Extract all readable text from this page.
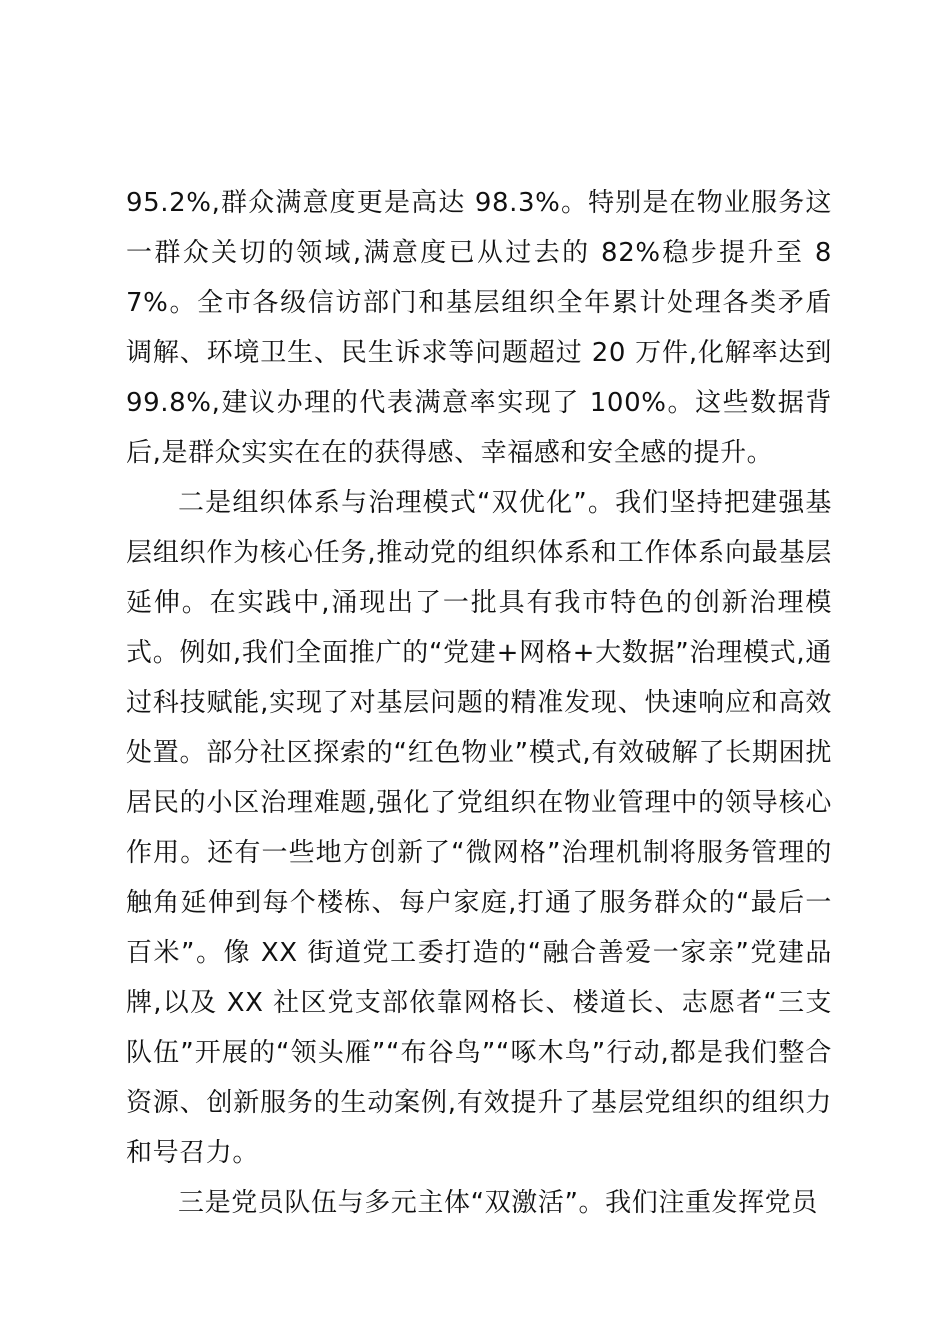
95.2%,群众满意度更是高达 98.3%。特别是在物业服务这一群众关切的领域,满意度已从过去的 82%稳步提升至 87%。全市各级信访部门和基层组织全年累计处理各类矛盾调解、环境卫生、民生诉求等问题超过 20 万件,化解率达到 99.8%,建议办理的代表满意率实现了 100%。这些数据背后,是群众实实在在的获得感、幸福感和安全感的提升。

二是组织体系与治理模式“双优化”。我们坚持把建强基层组织作为核心任务,推动党的组织体系和工作体系向最基层延伸。在实践中,涌现出了一批具有我市特色的创新治理模式。例如,我们全面推广的“党建+网格+大数据”治理模式,通过科技赋能,实现了对基层问题的精准发现、快速响应和高效处置。部分社区探索的“红色物业”模式,有效破解了长期困扰居民的小区治理难题,强化了党组织在物业管理中的领导核心作用。还有一些地方创新了“微网格”治理机制将服务管理的触角延伸到每个楼栋、每户家庭,打通了服务群众的“最后一百米”。像 XX 街道党工委打造的“融合善爱一家亲”党建品牌,以及 XX 社区党支部依靠网格长、楼道长、志愿者“三支队伍”开展的“领头雁”“布谷鸟”“啄木鸟”行动,都是我们整合资源、创新服务的生动案例,有效提升了基层党组织的组织力和号召力。

三是党员队伍与多元主体“双激活”。我们注重发挥党员
